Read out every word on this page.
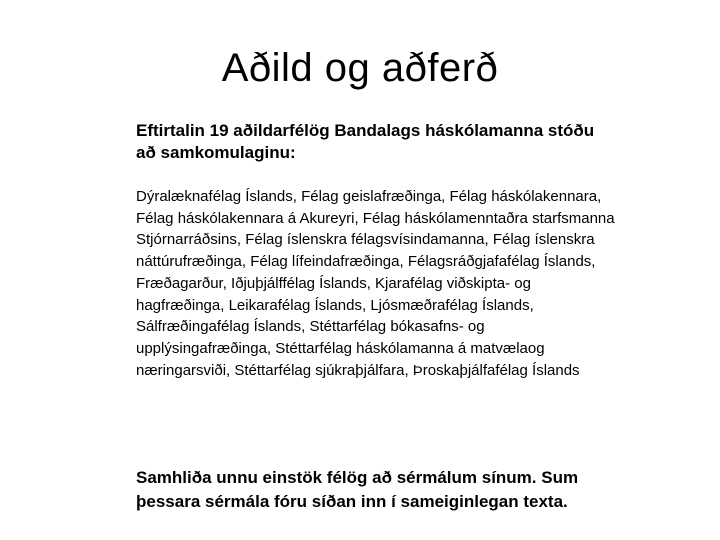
Aðild og aðferð
Eftirtalin 19 aðildarfélög Bandalags háskólamanna stóðu að samkomulaginu:
Dýralæknafélag Íslands, Félag geislafræðinga, Félag háskólakennara, Félag háskólakennara á Akureyri, Félag háskólamenntaðra starfsmanna Stjórnarráðsins, Félag íslenskra félagsvísindamanna, Félag íslenskra náttúrufræðinga, Félag lífeindafræðinga, Félagsráðgjafafélag Íslands, Fræðagarður, Iðjuþjálffélag Íslands, Kjarafélag viðskipta- og hagfræðinga, Leikarafélag Íslands, Ljósmæðrafélag Íslands, Sálfræðingafélag Íslands, Stéttarfélag bókasafns- og upplýsingafræðinga, Stéttarfélag háskólamanna á matvælaog næringarsviði, Stéttarfélag sjúkraþjálfara, Þroskaþjálfafélag Íslands
Samhliða unnu einstök félög að sérmálum sínum. Sum þessara sérmála fóru síðan inn í sameiginlegan texta.
